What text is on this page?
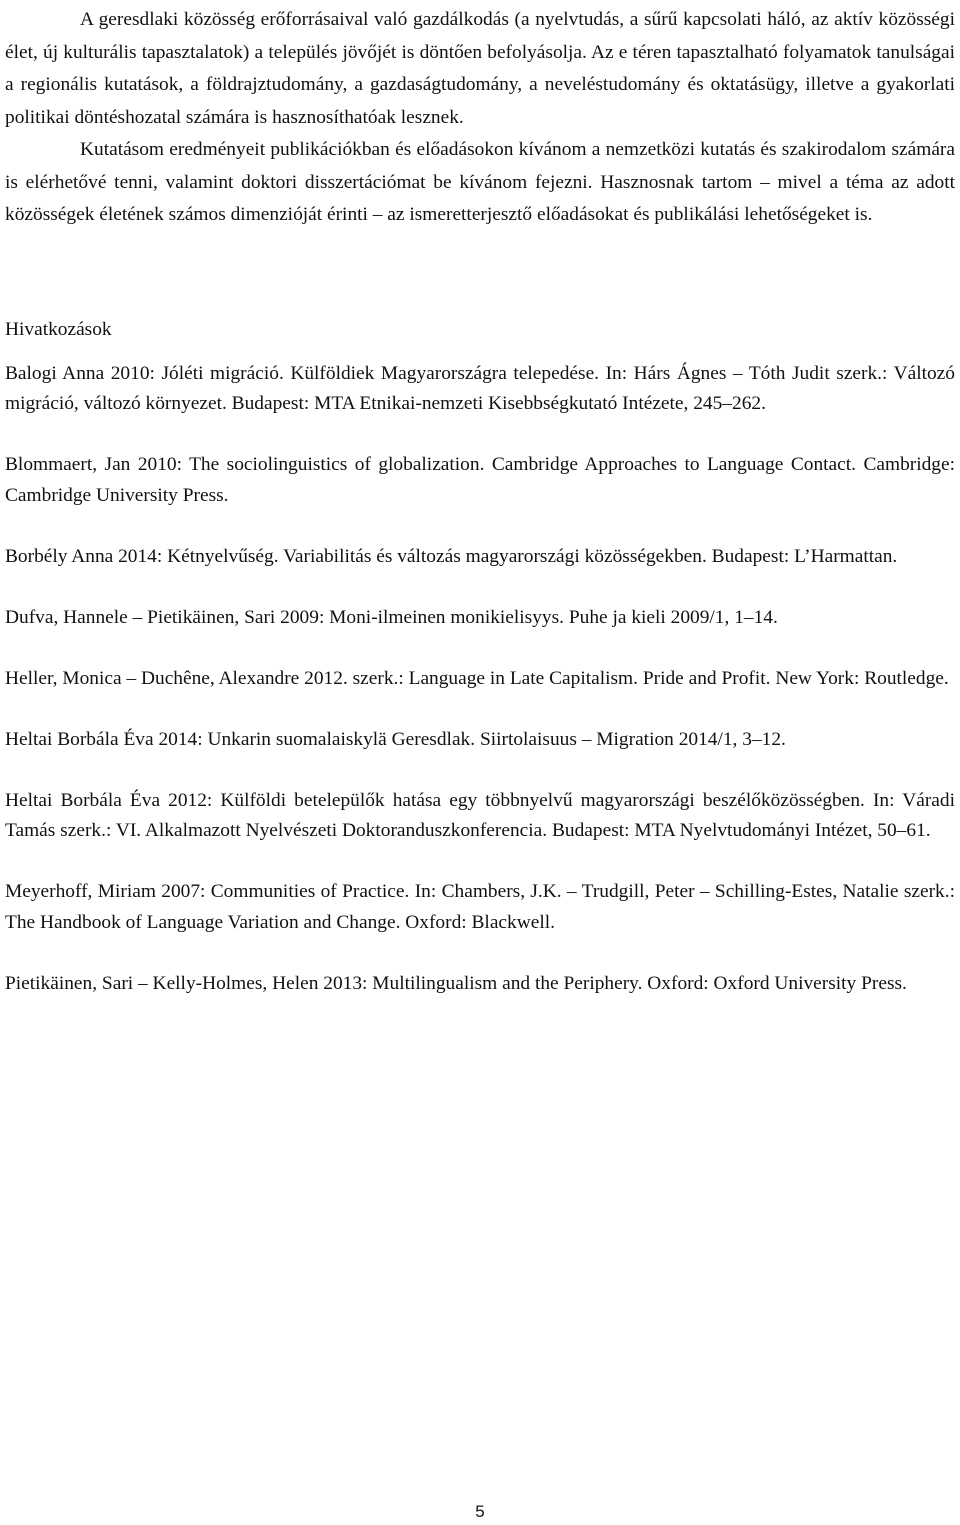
A geresdlaki közösség erőforrásaival való gazdálkodás (a nyelvtudás, a sűrű kapcsolati háló, az aktív közösségi élet, új kulturális tapasztalatok) a település jövőjét is döntően befolyásolja. Az e téren tapasztalható folyamatok tanulságai a regionális kutatások, a földrajztudomány, a gazdaságtudomány, a neveléstudomány és oktatásügy, illetve a gyakorlati politikai döntéshozatal számára is hasznosíthatóak lesznek.

Kutatásom eredményeit publikációkban és előadásokon kívánom a nemzetközi kutatás és szakirodalom számára is elérhetővé tenni, valamint doktori disszertációmat be kívánom fejezni. Hasznosnak tartom – mivel a téma az adott közösségek életének számos dimenzióját érinti – az ismeretterjesztő előadásokat és publikálási lehetőségeket is.

Hivatkozások

Balogi Anna 2010: Jóléti migráció. Külföldiek Magyarországra telepedése. In: Hárs Ágnes – Tóth Judit szerk.: Változó migráció, változó környezet. Budapest: MTA Etnikai-nemzeti Kisebbségkutató Intézete, 245–262.

Blommaert, Jan 2010: The sociolinguistics of globalization. Cambridge Approaches to Language Contact. Cambridge: Cambridge University Press.

Borbély Anna 2014: Kétnyelvűség. Variabilitás és változás magyarországi közösségekben. Budapest: L’Harmattan.

Dufva, Hannele – Pietikäinen, Sari 2009: Moni-ilmeinen monikielisyys. Puhe ja kieli 2009/1, 1–14.

Heller, Monica – Duchêne, Alexandre 2012. szerk.: Language in Late Capitalism. Pride and Profit. New York: Routledge.

Heltai Borbála Éva 2014: Unkarin suomalaiskylä Geresdlak. Siirtolaisuus – Migration 2014/1, 3–12.

Heltai Borbála Éva 2012: Külföldi betelepülők hatása egy többnyelvű magyarországi beszélőközösségben. In: Váradi Tamás szerk.: VI. Alkalmazott Nyelvészeti Doktoranduszkonferencia. Budapest: MTA Nyelvtudományi Intézet, 50–61.

Meyerhoff, Miriam 2007: Communities of Practice. In: Chambers, J.K. – Trudgill, Peter – Schilling-Estes, Natalie szerk.: The Handbook of Language Variation and Change. Oxford: Blackwell.

Pietikäinen, Sari – Kelly-Holmes, Helen 2013: Multilingualism and the Periphery. Oxford: Oxford University Press.

5
